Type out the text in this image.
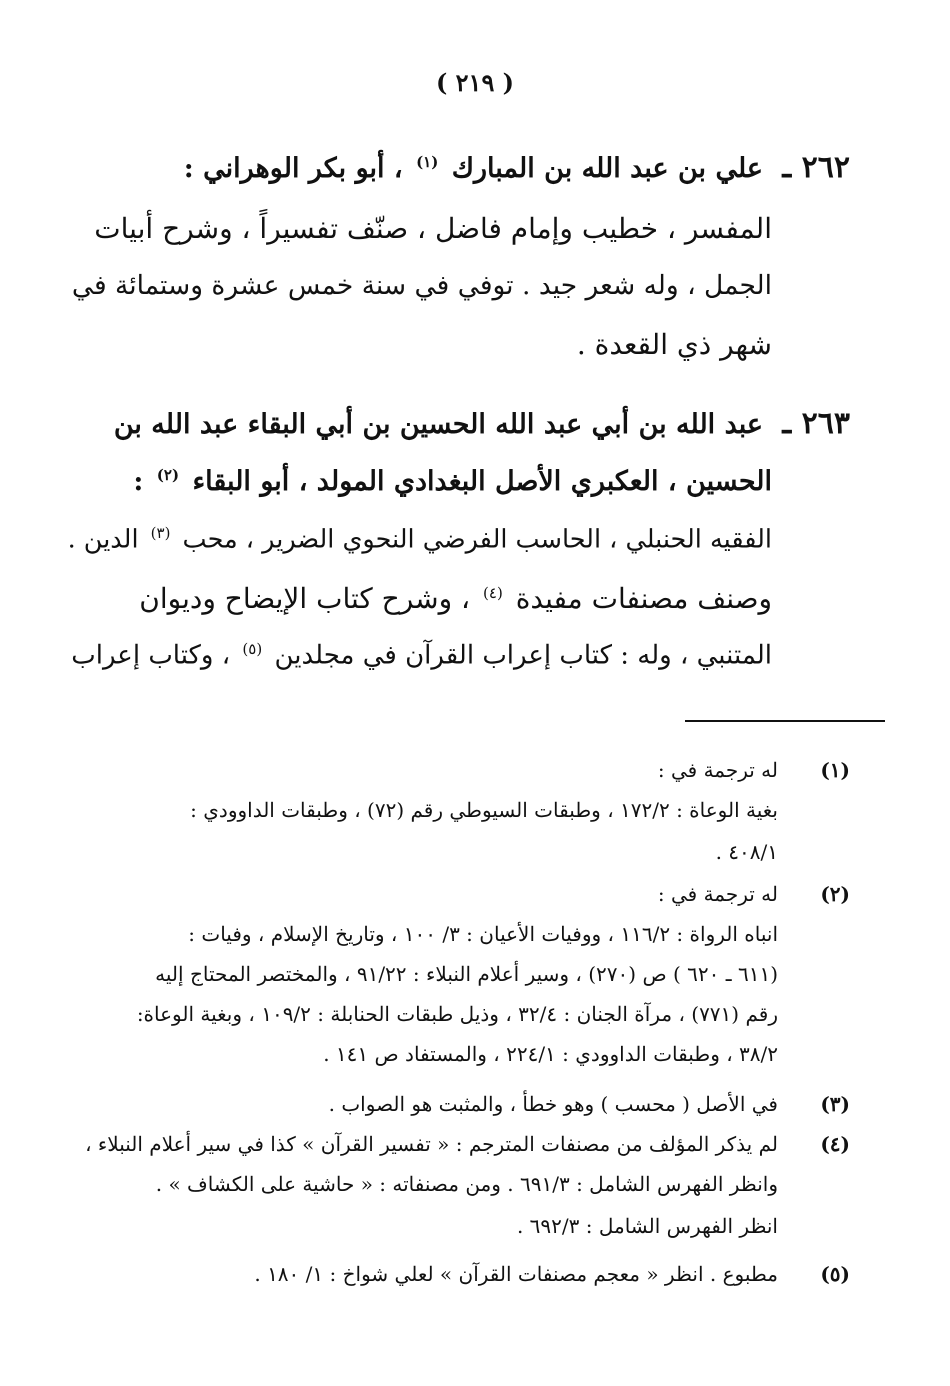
( ٢١٩ )
٢٦٢ ـ علي بن عبد الله بن المبارك $^{(١)}$ ، أبو بكر الوهراني :
المفسر ، خطيب وإمام فاضل ، صنّف تفسيراً ، وشرح أبيات
الجمل ، وله شعر جيد . توفي في سنة خمس عشرة وستمائة في
شهر ذي القعدة .
٢٦٣ ـ عبد الله بن أبي عبد الله الحسين بن أبي البقاء عبد الله بن
الحسين ، العكبري الأصل البغدادي المولد ، أبو البقاء $^{(٢)}$ :
الفقيه الحنبلي ، الحاسب الفرضي النحوي الضرير ، محب $^{(٣)}$ الدين .
وصنف مصنفات مفيدة $^{(٤)}$ ، وشرح كتاب الإيضاح وديوان
المتنبي ، وله : كتاب إعراب القرآن في مجلدين $^{(٥)}$ ، وكتاب إعراب
(١)
له ترجمة في :
بغية الوعاة : ١٧٢/٢ ، وطبقات السيوطي رقم (٧٢) ، وطبقات الداوودي :
٤٠٨/١ .
(٢)
له ترجمة في :
انباه الرواة : ١١٦/٢ ، ووفيات الأعيان : ٣/ ١٠٠ ، وتاريخ الإسلام ، وفيات :
(٦١١ ـ ٦٢٠ ) ص (٢٧٠) ، وسير أعلام النبلاء : ٩١/٢٢ ، والمختصر المحتاج إليه
رقم (٧٧١) ، مرآة الجنان : ٣٢/٤ ، وذيل طبقات الحنابلة : ١٠٩/٢ ، وبغية الوعاة:
٣٨/٢ ، وطبقات الداوودي : ٢٢٤/١ ، والمستفاد ص ١٤١ .
(٣)
في الأصل ( محسب ) وهو خطأ ، والمثبت هو الصواب .
(٤)
لم يذكر المؤلف من مصنفات المترجم : « تفسير القرآن » كذا في سير أعلام النبلاء ،
وانظر الفهرس الشامل : ٦٩١/٣ . ومن مصنفاته : « حاشية على الكشاف » .
انظر الفهرس الشامل : ٦٩٢/٣ .
(٥)
مطبوع . انظر « معجم مصنفات القرآن » لعلي شواخ : ١/ ١٨٠ .
